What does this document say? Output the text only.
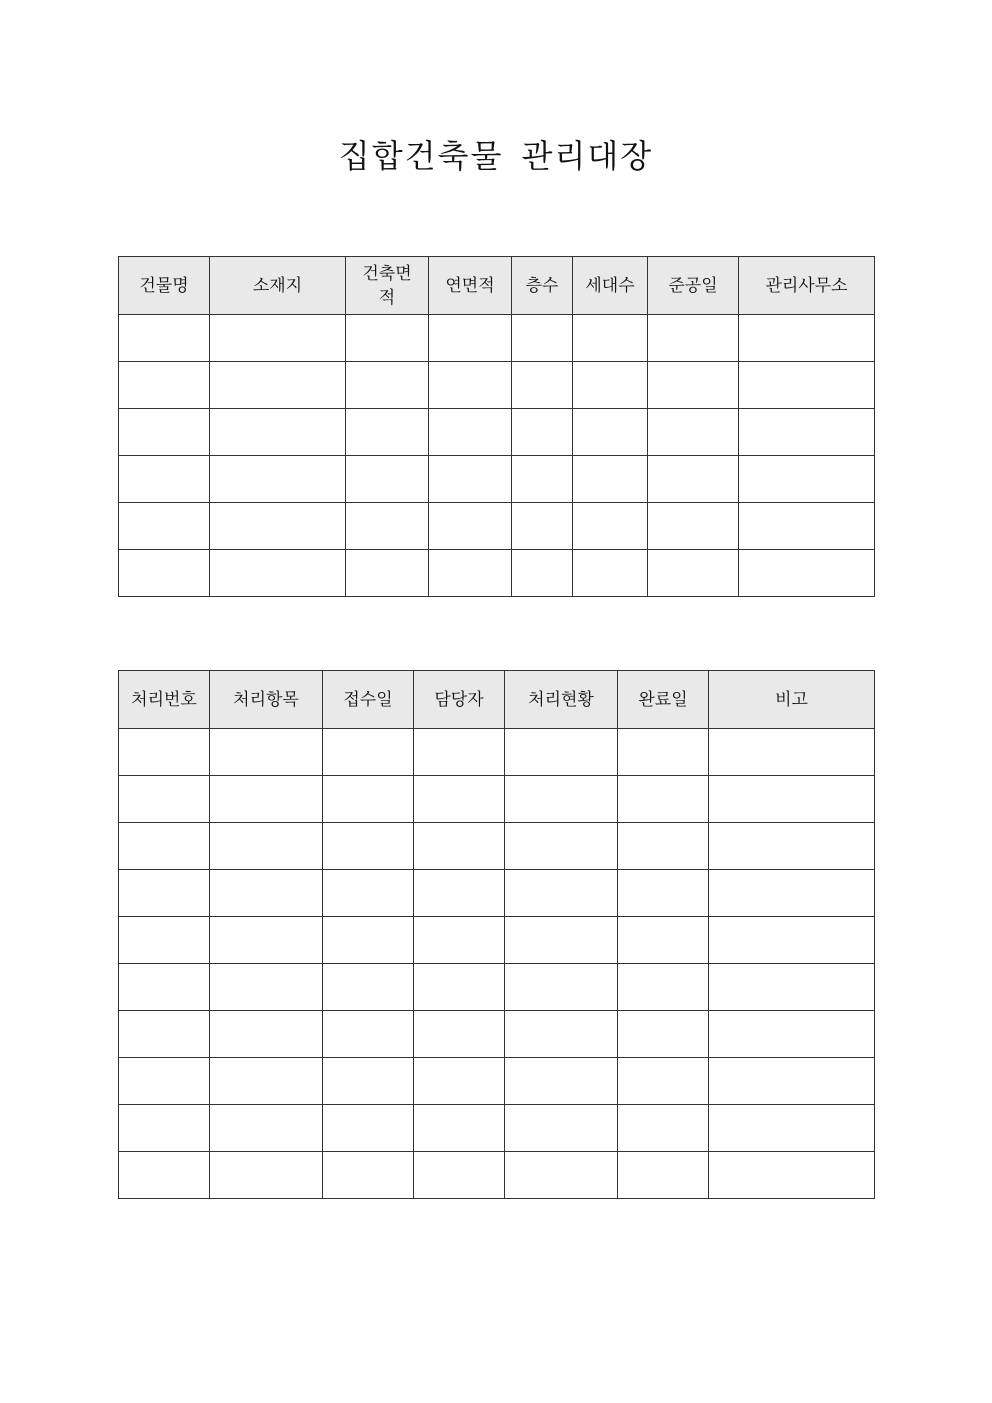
집합건축물 관리대장
건물명	소재지	건축면적	연면적	층수	세대수	준공일	관리사무소

처리번호	처리항목	접수일	담당자	처리현황	완료일	비고
